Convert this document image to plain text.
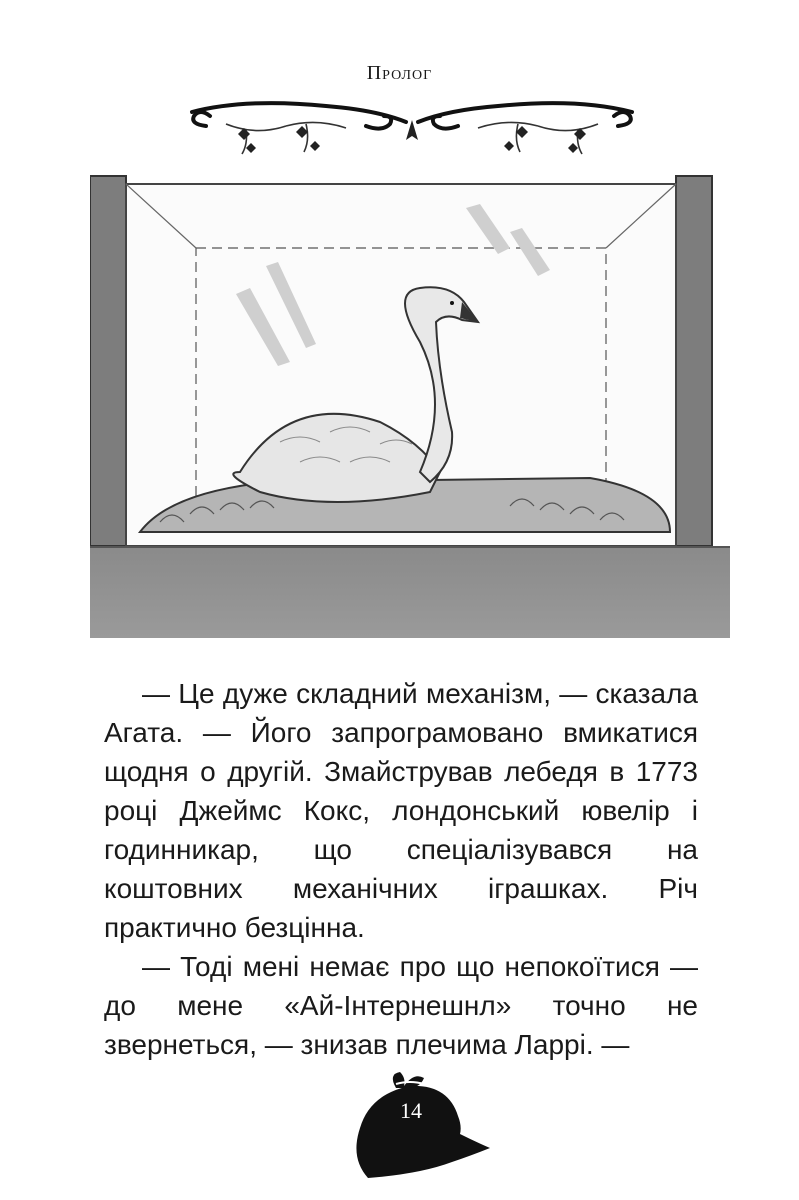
Пролог

— Це дуже складний механізм, — сказала Агата. — Його запрограмовано вмикатися щодня о другій. Змайстрував лебедя в 1773 році Джеймс Кокс, лондонський ювелір і годинникар, що спеціалізувався на коштовних механічних іграшках. Річ практично безцінна.

— Тоді мені немає про що непокоїтися — до мене «Ай-Інтернешнл» точно не звернеться, — знизав плечима Ларрі. —

14
